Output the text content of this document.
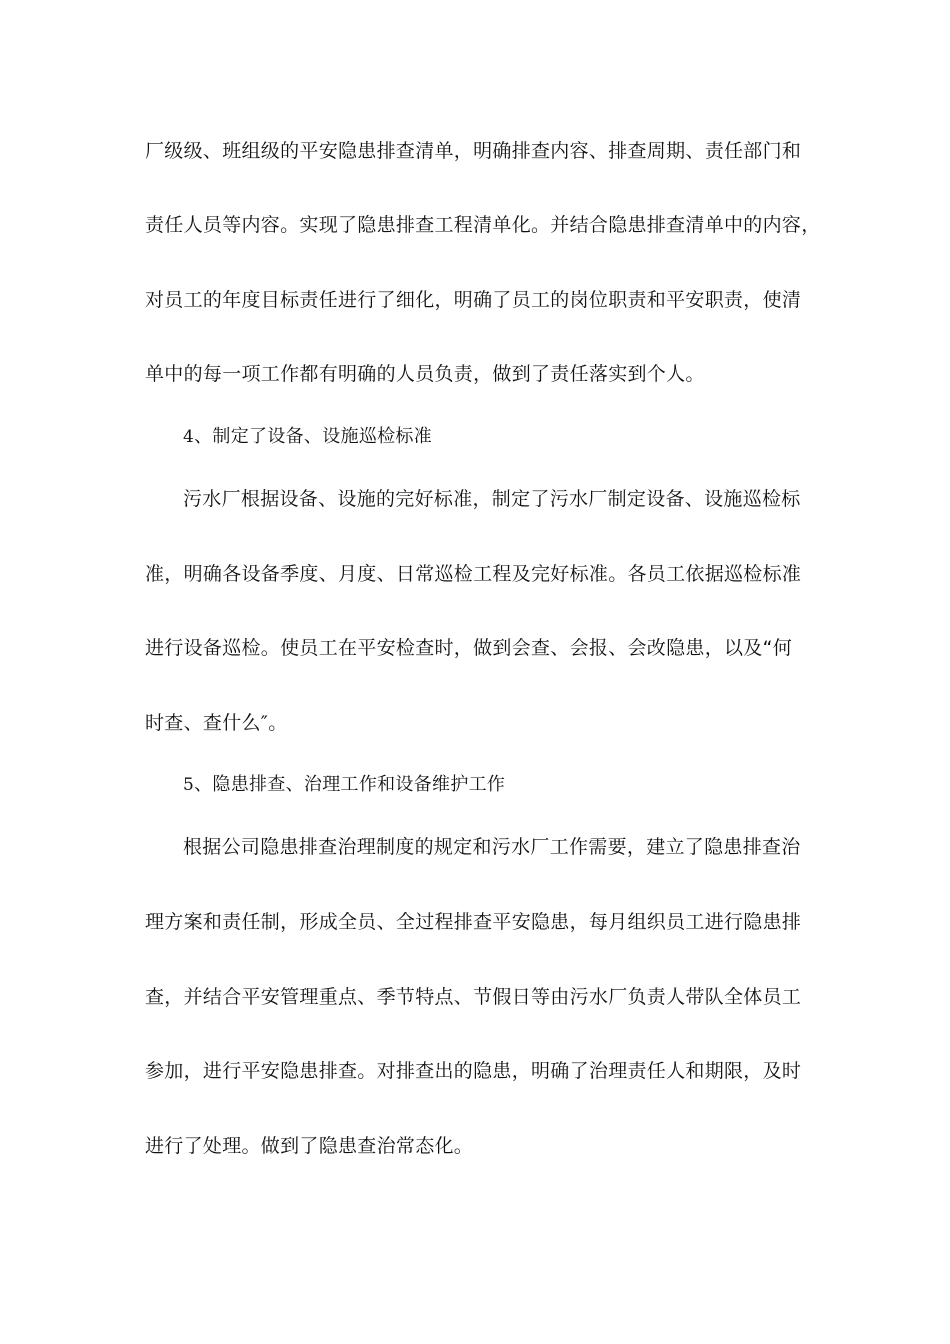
厂级级、班组级的平安隐患排查清单，明确排查内容、排查周期、责任部门和
责任人员等内容。实现了隐患排查工程清单化。并结合隐患排查清单中的内容，
对员工的年度目标责任进行了细化，明确了员工的岗位职责和平安职责，使清
单中的每一项工作都有明确的人员负责，做到了责任落实到个人。
4、制定了设备、设施巡检标准
污水厂根据设备、设施的完好标准，制定了污水厂制定设备、设施巡检标
准，明确各设备季度、月度、日常巡检工程及完好标准。各员工依据巡检标准
进行设备巡检。使员工在平安检查时，做到会查、会报、会改隐患，以及“何
时查、查什么″。
5、隐患排查、治理工作和设备维护工作
根据公司隐患排查治理制度的规定和污水厂工作需要，建立了隐患排查治
理方案和责任制，形成全员、全过程排查平安隐患，每月组织员工进行隐患排
查，并结合平安管理重点、季节特点、节假日等由污水厂负责人带队全体员工
参加，进行平安隐患排查。对排查出的隐患，明确了治理责任人和期限，及时
进行了处理。做到了隐患查治常态化。
